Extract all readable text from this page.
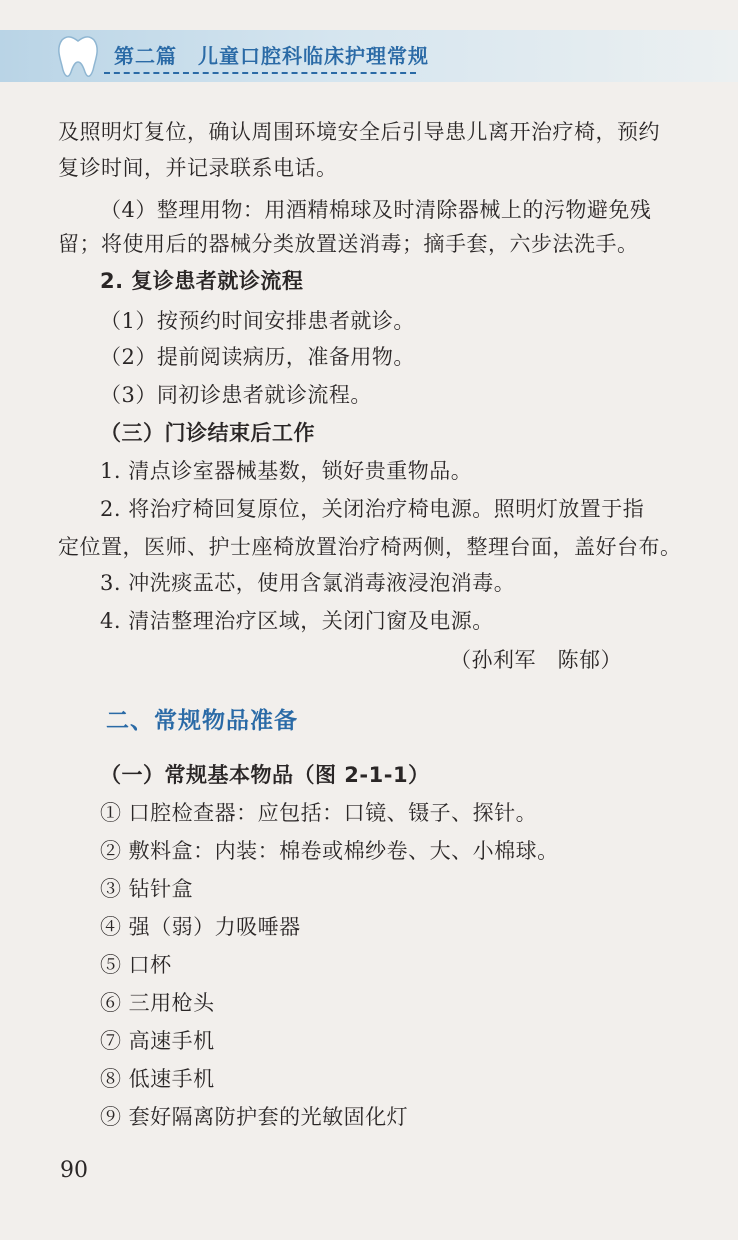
第二篇　儿童口腔科临床护理常规
及照明灯复位，确认周围环境安全后引导患儿离开治疗椅，预约
复诊时间，并记录联系电话。
（4）整理用物：用酒精棉球及时清除器械上的污物避免残
留；将使用后的器械分类放置送消毒；摘手套，六步法洗手。
2. 复诊患者就诊流程
（1）按预约时间安排患者就诊。
（2）提前阅读病历，准备用物。
（3）同初诊患者就诊流程。
（三）门诊结束后工作
1. 清点诊室器械基数，锁好贵重物品。
2. 将治疗椅回复原位，关闭治疗椅电源。照明灯放置于指
定位置，医师、护士座椅放置治疗椅两侧，整理台面，盖好台布。
3. 冲洗痰盂芯，使用含氯消毒液浸泡消毒。
4. 清洁整理治疗区域，关闭门窗及电源。
（孙利军　陈郁）
二、常规物品准备
（一）常规基本物品（图 2-1-1）
① 口腔检查器：应包括：口镜、镊子、探针。
② 敷料盒：内装：棉卷或棉纱卷、大、小棉球。
③ 钻针盒
④ 强（弱）力吸唾器
⑤ 口杯
⑥ 三用枪头
⑦ 高速手机
⑧ 低速手机
⑨ 套好隔离防护套的光敏固化灯
90
